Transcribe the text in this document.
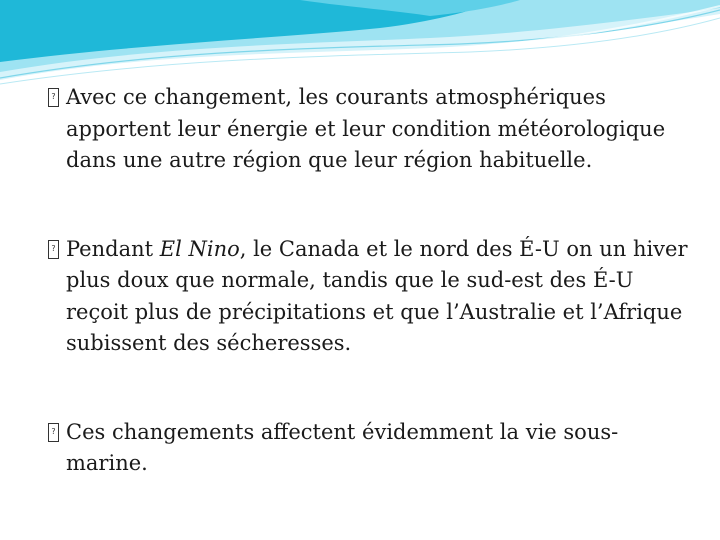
?
Avec ce changement, les courants atmosphériques apportent leur énergie et leur condition météorologique dans une autre région que leur région habituelle.
?
Pendant El Nino, le Canada et le nord des É-U on un hiver plus doux que normale, tandis que le sud-est des É-U reçoit plus de précipitations et que l’Australie et l’Afrique subissent des sécheresses.
?
Ces changements affectent évidemment la vie sous-marine.
